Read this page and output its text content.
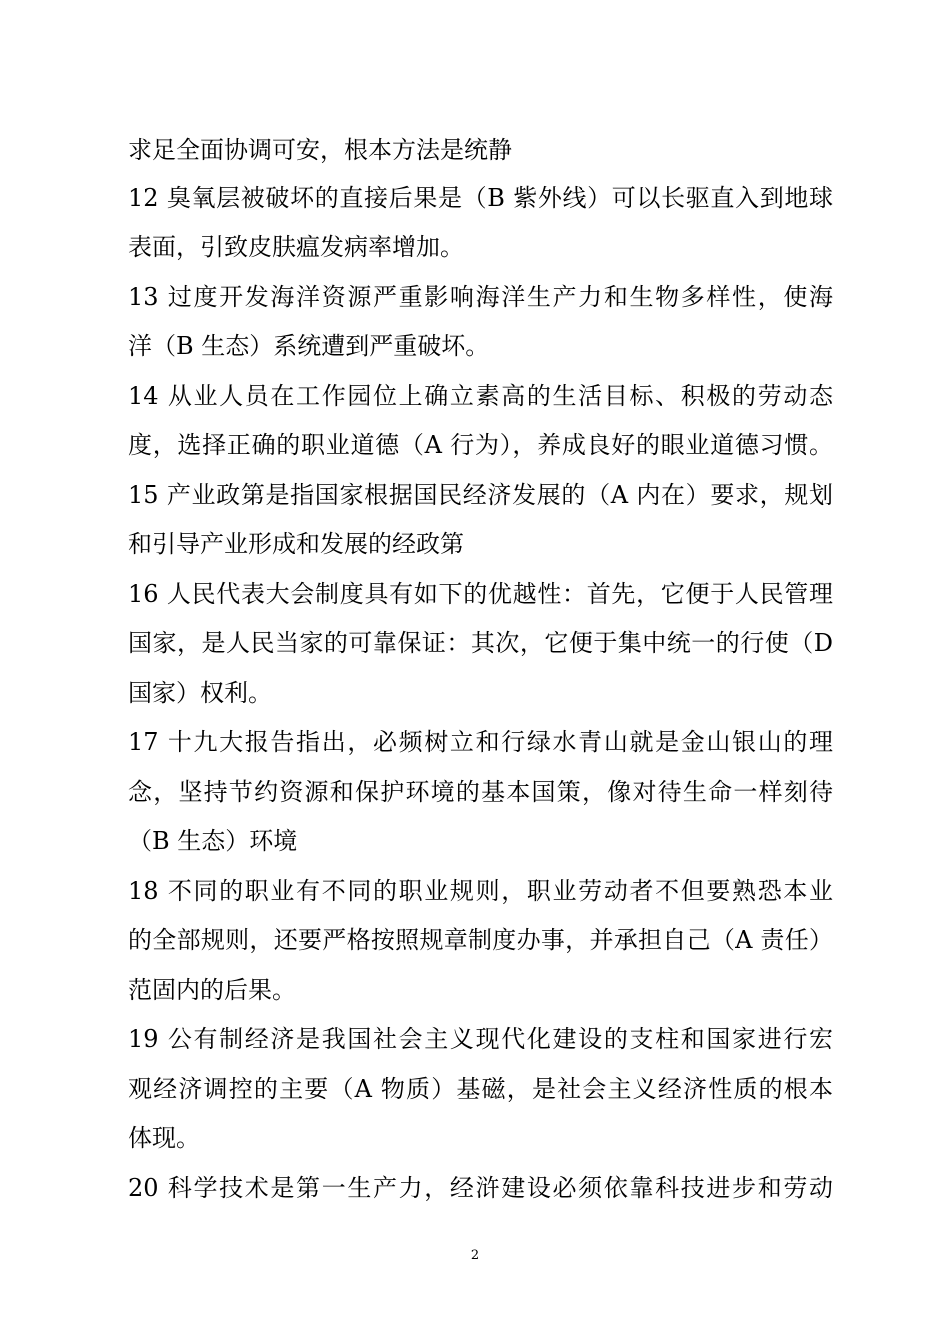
求足全面协调可安，根本方法是统静
12 臭氧层被破坏的直接后果是（B 紫外线）可以长驱直入到地球
表面，引致皮肤瘟发病率增加。
13 过度开发海洋资源严重影响海洋生产力和生物多样性，使海
洋（B 生态）系统遭到严重破坏。
14 从业人员在工作园位上确立素高的生活目标、积极的劳动态
度，选择正确的职业道德（A 行为），养成良好的眼业道德习惯。
15 产业政第是指国家根据国民经济发展的（A 内在）要求，规划
和引导产业形成和发展的经政第
16 人民代表大会制度具有如下的优越性：首先，它便于人民管理
国家，是人民当家的可靠保证：其次，它便于集中统一的行使（D
国家）权利。
17 十九大报告指出，必频树立和行绿水青山就是金山银山的理
念，坚持节约资源和保护环境的基本国策，像对待生命一样刻待
（B 生态）环境
18 不同的职业有不同的职业规则，职业劳动者不但要熟恐本业
的全部规则，还要严格按照规章制度办事，并承担自己（A 责任）
范固内的后果。
19 公有制经济是我国社会主义现代化建设的支柱和国家进行宏
观经济调控的主要（A 物质）基磁，是社会主义经济性质的根本
体现。
20 科学技术是第一生产力，经浒建设必须依靠科技进步和劳动
2
